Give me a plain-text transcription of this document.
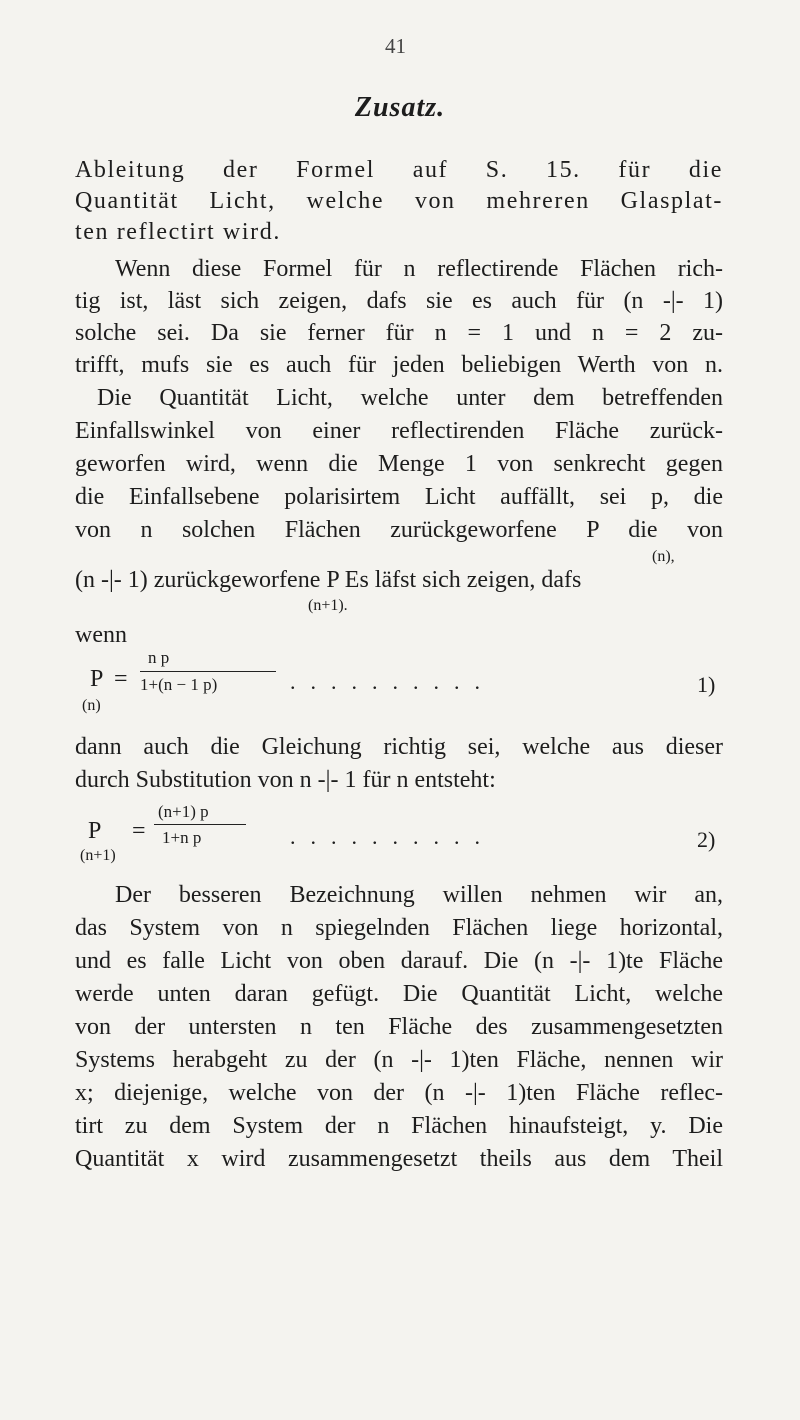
41
Zusatz.
Ableitung der Formel auf S. 15. für die
Quantität Licht, welche von mehreren Glasplat-
ten reflectirt wird.
Wenn diese Formel für n reflectirende Flächen rich-
tig ist, läst sich zeigen, dafs sie es auch für (n -|- 1)
solche sei. Da sie ferner für n = 1 und n = 2 zu-
trifft, mufs sie es auch für jeden beliebigen Werth von n.
Die Quantität Licht, welche unter dem betreffenden
Einfallswinkel von einer reflectirenden Fläche zurück-
geworfen wird, wenn die Menge 1 von senkrecht gegen
die Einfallsebene polarisirtem Licht auffällt, sei p, die
von n solchen Flächen zurückgeworfene P die von
(n),
(n -|- 1) zurückgeworfene P Es läfst sich zeigen, dafs
(n+1).
wenn
P
(n)
=
n p
1+(n − 1 p)	..........	1)
dann auch die Gleichung richtig sei, welche aus dieser
durch Substitution von n -|- 1 für n entsteht:
P
(n+1)
=
(n+1) p
1+n p	..........	2)
Der besseren Bezeichnung willen nehmen wir an,
das System von n spiegelnden Flächen liege horizontal,
und es falle Licht von oben darauf. Die (n -|- 1)te Fläche
werde unten daran gefügt. Die Quantität Licht, welche
von der untersten n ten Fläche des zusammengesetzten
Systems herabgeht zu der (n -|- 1)ten Fläche, nennen wir
x; diejenige, welche von der (n -|- 1)ten Fläche reflec-
tirt zu dem System der n Flächen hinaufsteigt, y. Die
Quantität x wird zusammengesetzt theils aus dem Theil
